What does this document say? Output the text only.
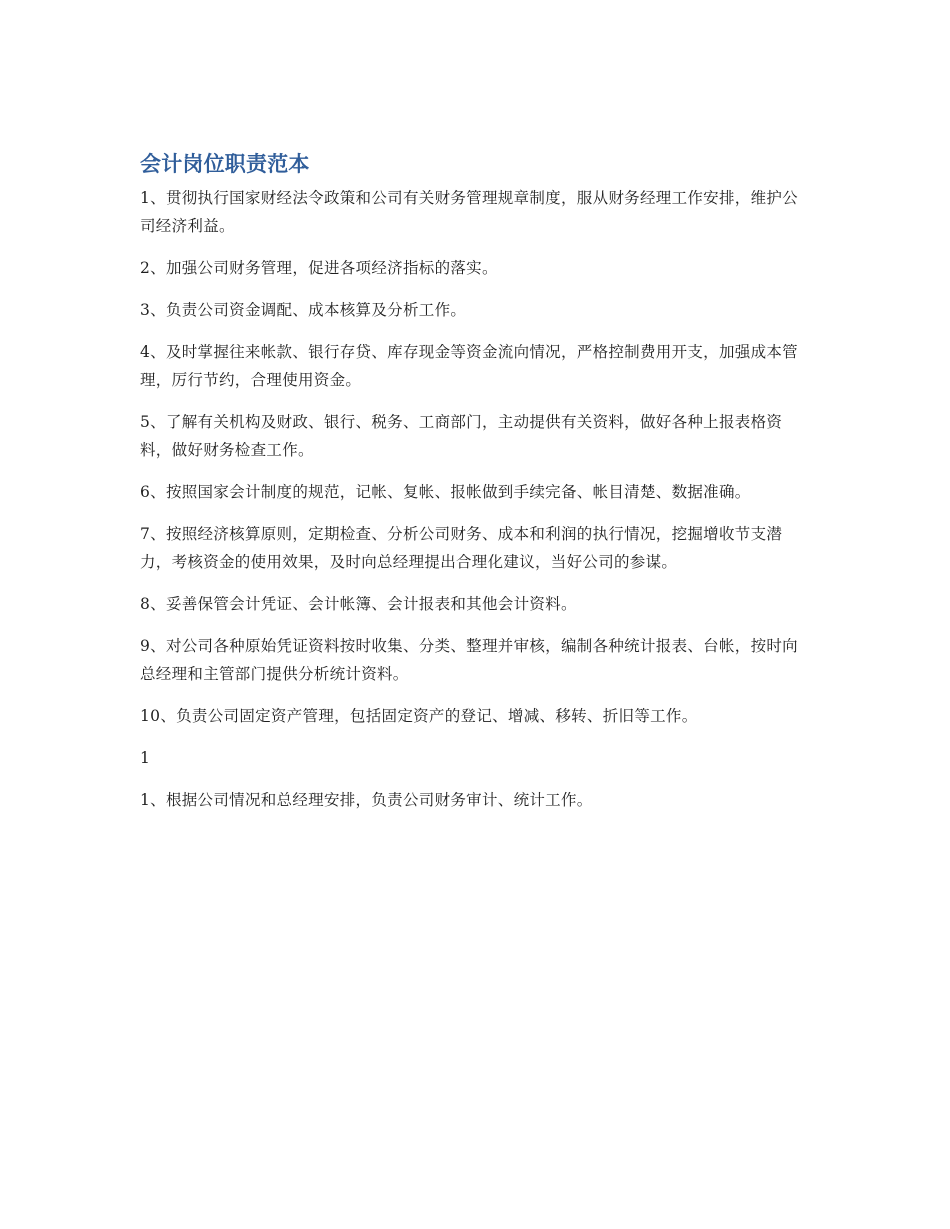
会计岗位职责范本

1、贯彻执行国家财经法令政策和公司有关财务管理规章制度，服从财务经理工作安排，维护公司经济利益。

2、加强公司财务管理，促进各项经济指标的落实。

3、负责公司资金调配、成本核算及分析工作。

4、及时掌握往来帐款、银行存贷、库存现金等资金流向情况，严格控制费用开支，加强成本管理，厉行节约，合理使用资金。

5、了解有关机构及财政、银行、税务、工商部门，主动提供有关资料，做好各种上报表格资料，做好财务检查工作。

6、按照国家会计制度的规范，记帐、复帐、报帐做到手续完备、帐目清楚、数据准确。

7、按照经济核算原则，定期检查、分析公司财务、成本和利润的执行情况，挖掘增收节支潜力，考核资金的使用效果，及时向总经理提出合理化建议，当好公司的参谋。

8、妥善保管会计凭证、会计帐簿、会计报表和其他会计资料。

9、对公司各种原始凭证资料按时收集、分类、整理并审核，编制各种统计报表、台帐，按时向总经理和主管部门提供分析统计资料。

10、负责公司固定资产管理，包括固定资产的登记、增减、移转、折旧等工作。

1

1、根据公司情况和总经理安排，负责公司财务审计、统计工作。
